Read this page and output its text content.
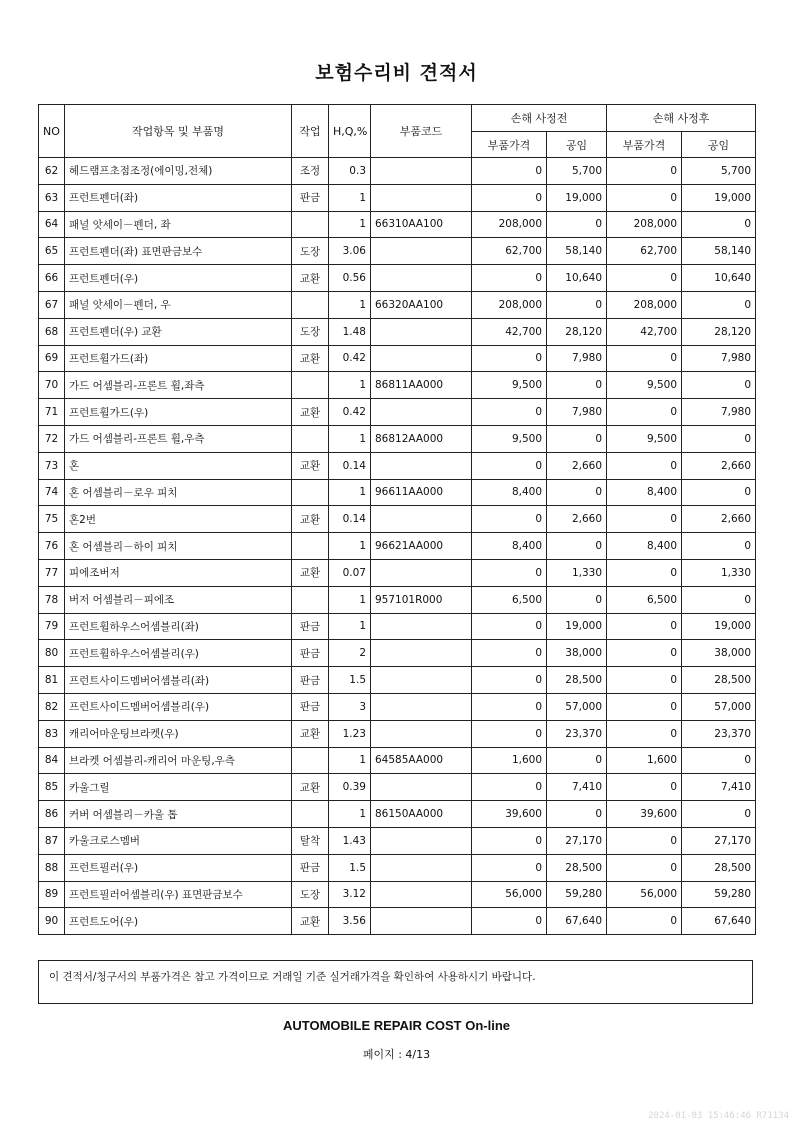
보험수리비 견적서
NO	작업항목 및 부품명	작업	H,Q,%	부품코드	손해 사정전		손해 사정후	
					부품가격	공임	부품가격	공임
62	헤드램프초점조정(에이밍,전체)	조정	0.3		0	5,700	0	5,700
63	프런트펜더(좌)	판금	1		0	19,000	0	19,000
64	패널 앗세이－펜더, 좌		1	66310AA100	208,000	0	208,000	0
65	프런트펜더(좌) 표면판금보수	도장	3.06		62,700	58,140	62,700	58,140
66	프런트펜더(우)	교환	0.56		0	10,640	0	10,640
67	패널 앗세이－펜더, 우		1	66320AA100	208,000	0	208,000	0
68	프런트펜더(우) 교환	도장	1.48		42,700	28,120	42,700	28,120
69	프런트휠가드(좌)	교환	0.42		0	7,980	0	7,980
70	가드 어셈블리-프론트 휠,좌측		1	86811AA000	9,500	0	9,500	0
71	프런트휠가드(우)	교환	0.42		0	7,980	0	7,980
72	가드 어셈블리-프론트 휠,우측		1	86812AA000	9,500	0	9,500	0
73	혼	교환	0.14		0	2,660	0	2,660
74	혼 어셈블리－로우 피치		1	96611AA000	8,400	0	8,400	0
75	혼2번	교환	0.14		0	2,660	0	2,660
76	혼 어셈블리－하이 피치		1	96621AA000	8,400	0	8,400	0
77	피에조버저	교환	0.07		0	1,330	0	1,330
78	버저 어셈블리－피에조		1	957101R000	6,500	0	6,500	0
79	프런트휠하우스어셈블리(좌)	판금	1		0	19,000	0	19,000
80	프런트휠하우스어셈블리(우)	판금	2		0	38,000	0	38,000
81	프런트사이드멤버어셈블리(좌)	판금	1.5		0	28,500	0	28,500
82	프런트사이드멤버어셈블리(우)	판금	3		0	57,000	0	57,000
83	캐리어마운팅브라켓(우)	교환	1.23		0	23,370	0	23,370
84	브라켓 어셈블리-캐리어 마운팅,우측		1	64585AA000	1,600	0	1,600	0
85	카울그릴	교환	0.39		0	7,410	0	7,410
86	커버 어셈블리－카울 톱		1	86150AA000	39,600	0	39,600	0
87	카울크로스멤버	탈착	1.43		0	27,170	0	27,170
88	프런트필러(우)	판금	1.5		0	28,500	0	28,500
89	프런트필러어셈블리(우) 표면판금보수	도장	3.12		56,000	59,280	56,000	59,280
90	프런트도어(우)	교환	3.56		0	67,640	0	67,640
이 견적서/청구서의 부품가격은 참고 가격이므로 거래일 기준 실거래가격을 확인하여 사용하시기 바랍니다.
AUTOMOBILE REPAIR COST On-line
페이지 : 4/13
2024-01-03 15:46:46 R71134
